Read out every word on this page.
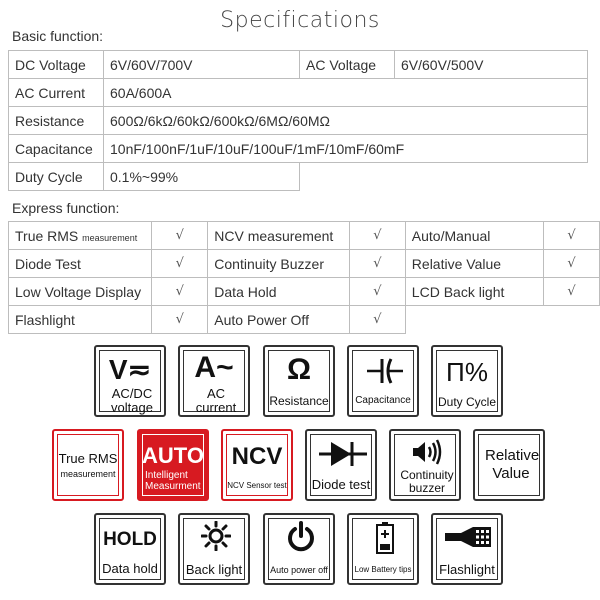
Specifications
Basic function:
DC Voltage	6V/60V/700V	AC Voltage	6V/60V/500V
AC Current	60A/600A		
Resistance	600Ω/6kΩ/60kΩ/600kΩ/6MΩ/60MΩ		
Capacitance	10nF/100nF/1uF/10uF/100uF/1mF/10mF/60mF		
Duty Cycle	0.1%~99%		
Express function:
True RMS measurement	√	NCV measurement	√	Auto/Manual	√
Diode Test	√	Continuity Buzzer	√	Relative Value	√
Low Voltage Display	√	Data Hold	√	LCD Back light	√
Flashlight	√	Auto Power Off	√		
V≂
AC/DC voltage
A~
AC current
Ω
Resistance	Capacitance
Π%
Duty Cycle
True RMS
measurement
AUTO
Intelligent Measurment
NCV
NCV Sensor test	Diode test
Continuity buzzer
Relative Value
HOLD
Data hold	Back light	Auto power off	Low Battery tips	Flashlight
